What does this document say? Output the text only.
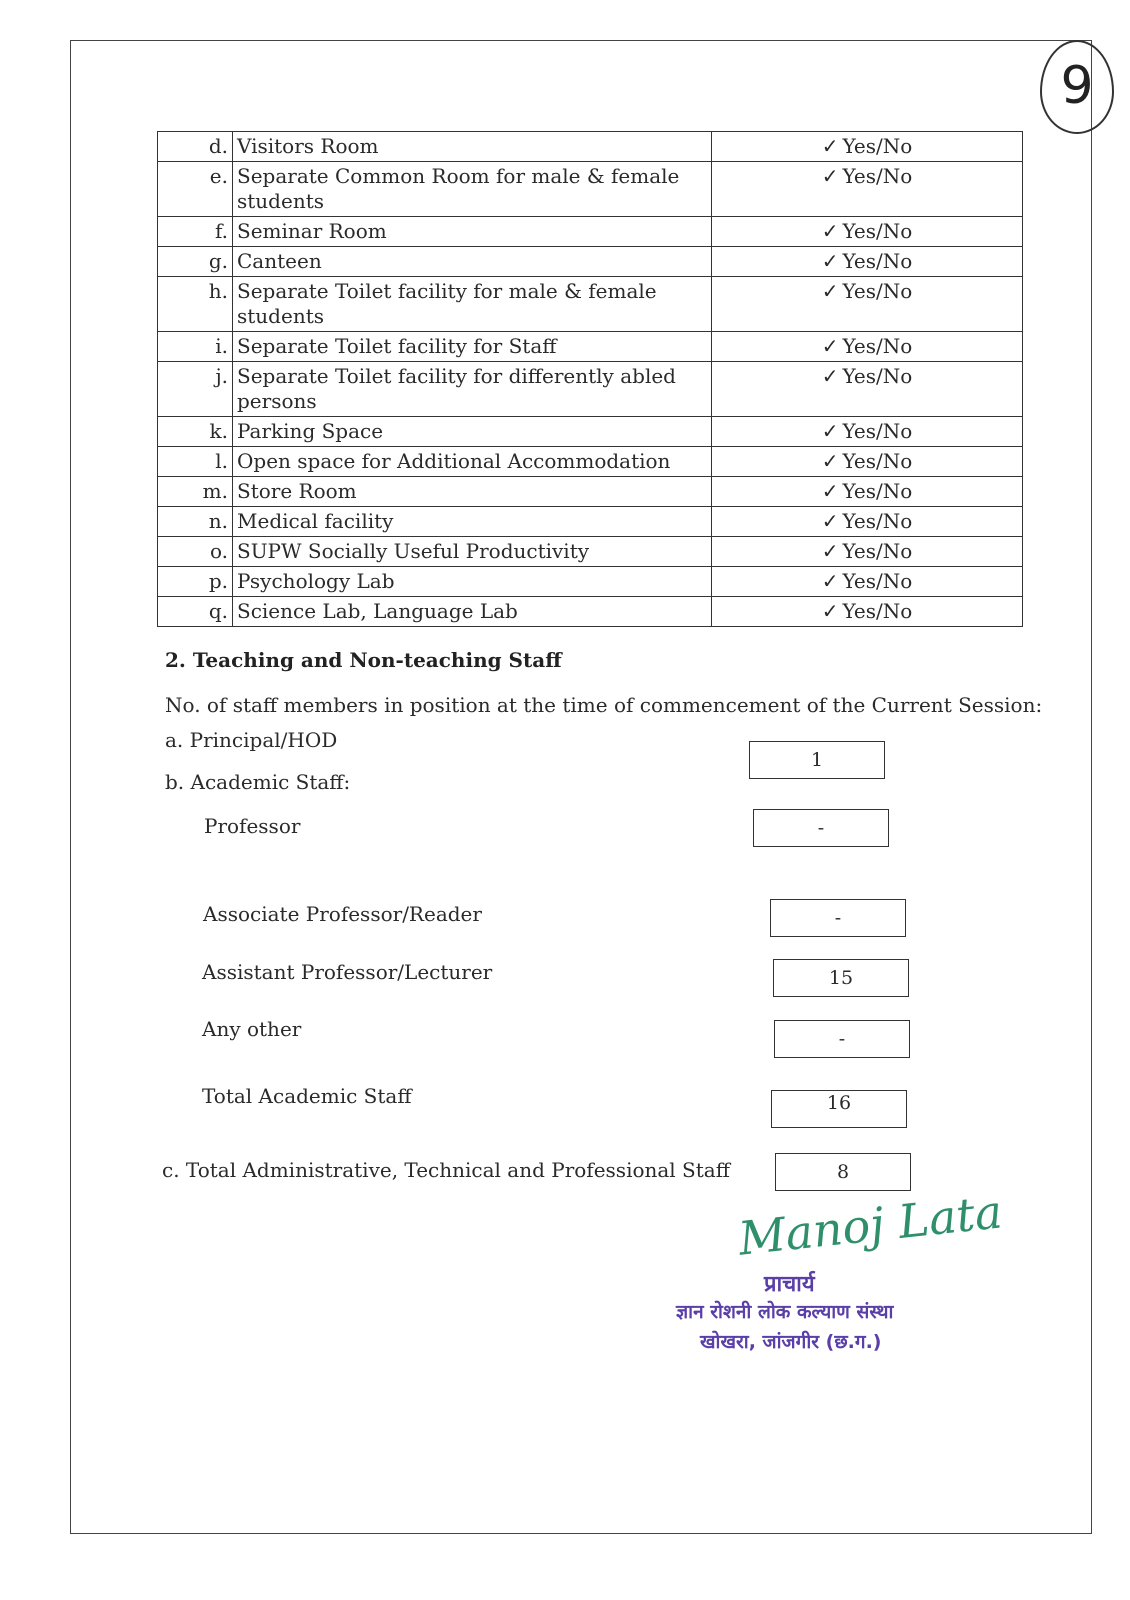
9
d.	Visitors Room	✓ Yes/No
e.	Separate Common Room for male & female students	✓ Yes/No
f.	Seminar Room	✓ Yes/No
g.	Canteen	✓ Yes/No
h.	Separate Toilet facility for male & female students	✓ Yes/No
i.	Separate Toilet facility for Staff	✓ Yes/No
j.	Separate Toilet facility for differently abled persons	✓ Yes/No
k.	Parking Space	✓ Yes/No
l.	Open space for Additional Accommodation	✓ Yes/No
m.	Store Room	✓ Yes/No
n.	Medical facility	✓ Yes/No
o.	SUPW Socially Useful Productivity	✓ Yes/No
p.	Psychology Lab	✓ Yes/No
q.	Science Lab, Language Lab	✓ Yes/No
2. Teaching and Non-teaching Staff
No. of staff members in position at the time of commencement of the Current Session:
a. Principal/HOD
1
b. Academic Staff:
Professor	-
Associate Professor/Reader	-
Assistant Professor/Lecturer	15
Any other	-
Total Academic Staff	16
c. Total Administrative, Technical and Professional Staff	8
Manoj Lata
प्राचार्य
ज्ञान रोशनी लोक कल्याण संस्था
खोखरा, जांजगीर (छ.ग.)
